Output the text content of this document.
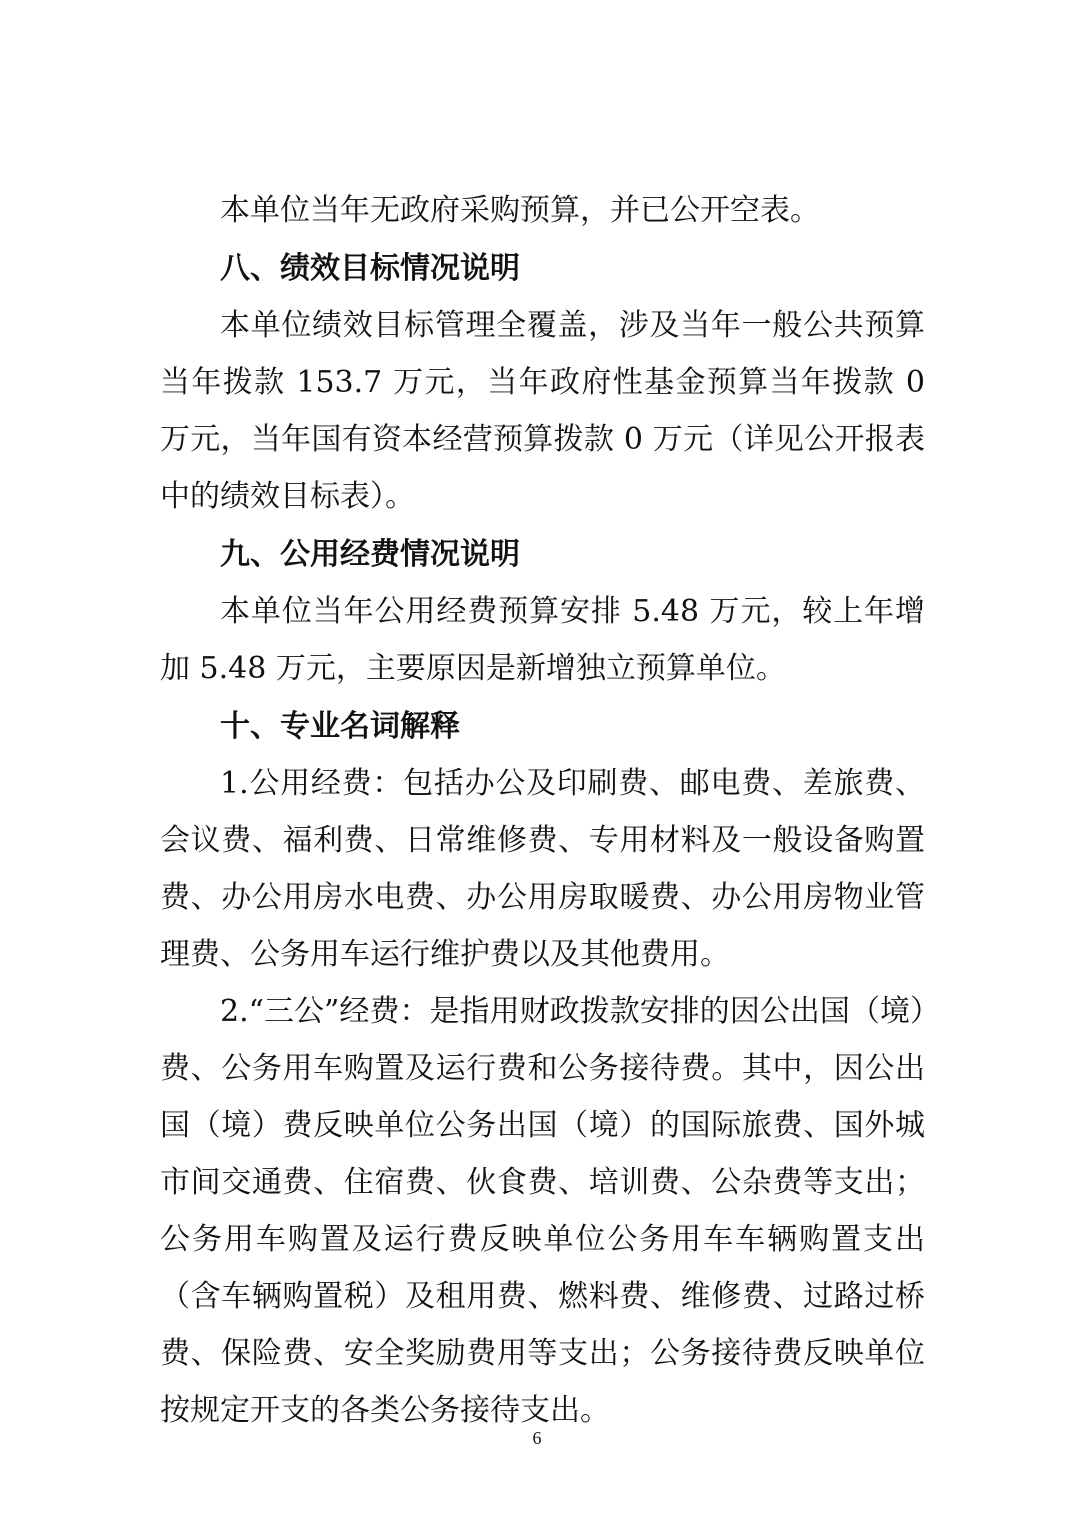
本单位当年无政府采购预算，并已公开空表。

八、绩效目标情况说明

本单位绩效目标管理全覆盖，涉及当年一般公共预算当年拨款 153.7 万元，当年政府性基金预算当年拨款 0 万元，当年国有资本经营预算拨款 0 万元（详见公开报表中的绩效目标表）。

九、公用经费情况说明

本单位当年公用经费预算安排 5.48 万元，较上年增加 5.48 万元，主要原因是新增独立预算单位。

十、专业名词解释

1.公用经费：包括办公及印刷费、邮电费、差旅费、会议费、福利费、日常维修费、专用材料及一般设备购置费、办公用房水电费、办公用房取暖费、办公用房物业管理费、公务用车运行维护费以及其他费用。

2.“三公”经费：是指用财政拨款安排的因公出国（境）费、公务用车购置及运行费和公务接待费。其中，因公出国（境）费反映单位公务出国（境）的国际旅费、国外城市间交通费、住宿费、伙食费、培训费、公杂费等支出；公务用车购置及运行费反映单位公务用车车辆购置支出（含车辆购置税）及租用费、燃料费、维修费、过路过桥费、保险费、安全奖励费用等支出；公务接待费反映单位按规定开支的各类公务接待支出。

6
